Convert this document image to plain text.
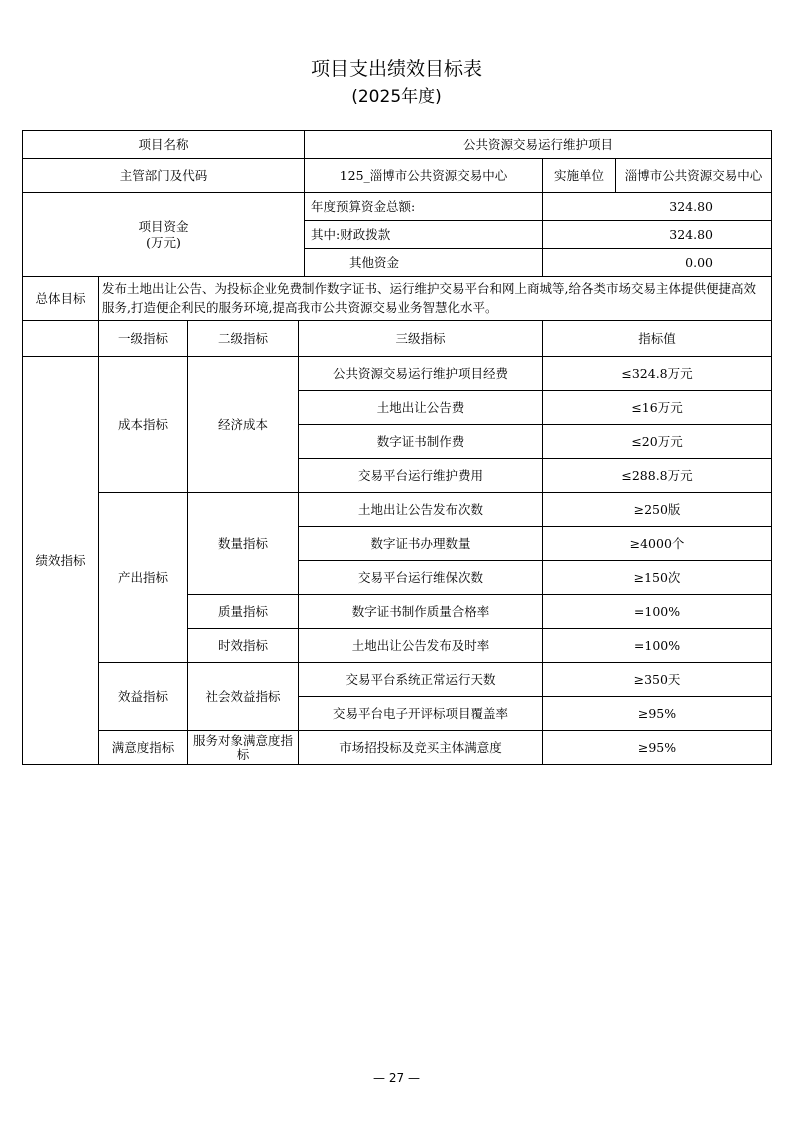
项目支出绩效目标表
(2025年度)
项目名称				公共资源交易运行维护项目		
主管部门及代码				125_淄博市公共资源交易中心	实施单位	淄博市公共资源交易中心

项目资金
(万元)				年度预算资金总额:	324.80	
				其中:财政拨款	324.80	
				其他资金	0.00	
总体目标	发布土地出让公告、为投标企业免费制作数字证书、运行维护交易平台和网上商城等,给各类市场交易主体提供便捷高效服务,打造便企利民的服务环境,提高我市公共资源交易业务智慧化水平。					
	一级指标	二级指标	三级指标		指标值	
绩效指标	成本指标	经济成本	公共资源交易运行维护项目经费		≤324.8万元	
			土地出让公告费		≤16万元	
			数字证书制作费		≤20万元	
			交易平台运行维护费用		≤288.8万元	
	产出指标	数量指标	土地出让公告发布次数		≥250版	
			数字证书办理数量		≥4000个	
			交易平台运行维保次数		≥150次	
		质量指标	数字证书制作质量合格率		=100%	
		时效指标	土地出让公告发布及时率		=100%	
	效益指标	社会效益指标	交易平台系统正常运行天数		≥350天	
			交易平台电子开评标项目覆盖率		≥95%	
	满意度指标	服务对象满意度指标	市场招投标及竞买主体满意度		≥95%	
— 27 —
